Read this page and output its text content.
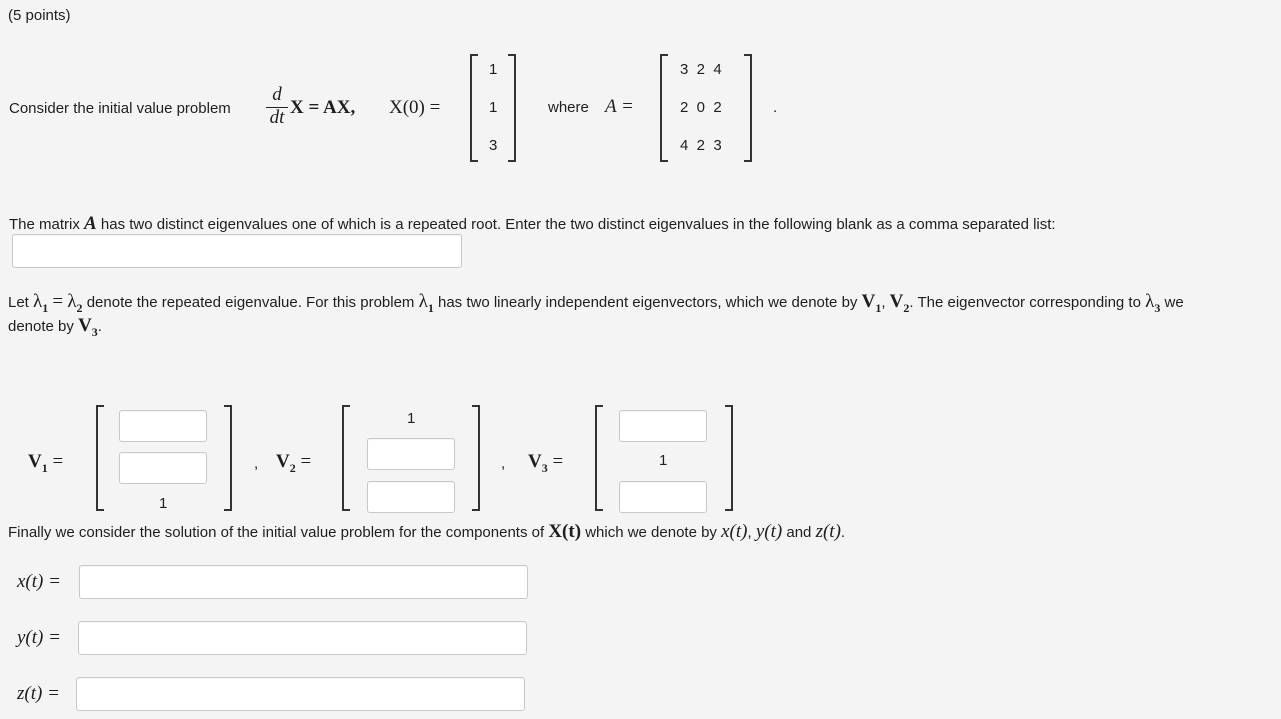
(5 points)
Consider the initial value problem
d
dt X = AX, X(0) =
1
1
3
where A =
3  2  4
2  0  2
4  2  3
.
The matrix A has two distinct eigenvalues one of which is a repeated root. Enter the two distinct eigenvalues in the following blank as a comma separated list:
Let $\lambda_1 = \lambda_2$ denote the repeated eigenvalue. For this problem $\lambda_1$ has two linearly independent eigenvectors, which we denote by $V_1$, $V_2$. The eigenvector corresponding to $\lambda_3$ we
denote by $V_3$.
$V_1$ =
1
, $V_2$ =
1
, $V_3$ =	1
Finally we consider the solution of the initial value problem for the components of X(t) which we denote by x(t), y(t) and z(t).
x(t) =
y(t) =
z(t) =
